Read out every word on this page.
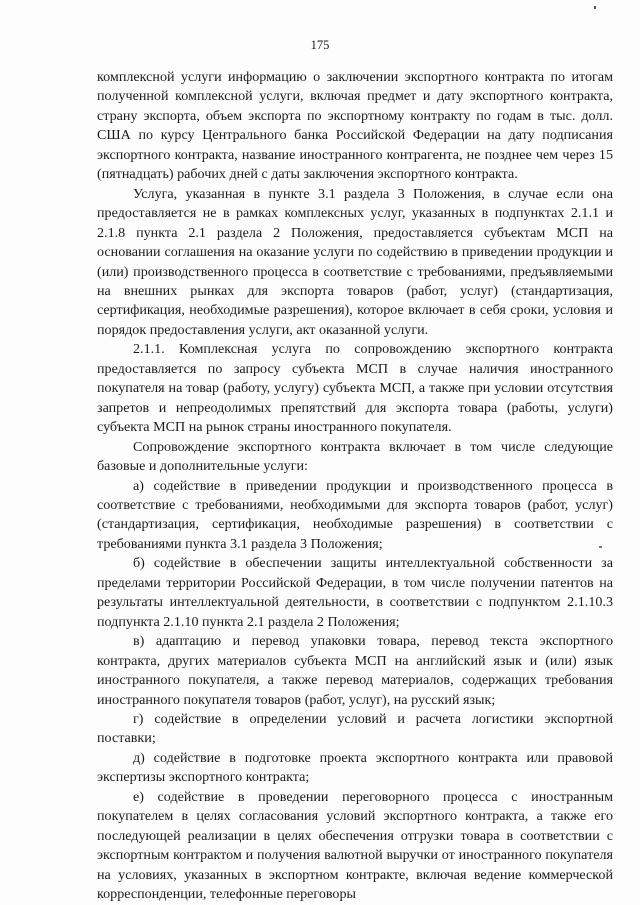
175

комплексной услуги информацию о заключении экспортного контракта по итогам полученной комплексной услуги, включая предмет и дату экспортного контракта, страну экспорта, объем экспорта по экспортному контракту по годам в тыс. долл. США по курсу Центрального банка Российской Федерации на дату подписания экспортного контракта, название иностранного контрагента, не позднее чем через 15 (пятнадцать) рабочих дней с даты заключения экспортного контракта.

Услуга, указанная в пункте 3.1 раздела 3 Положения, в случае если она предоставляется не в рамках комплексных услуг, указанных в подпунктах 2.1.1 и 2.1.8 пункта 2.1 раздела 2 Положения, предоставляется субъектам МСП на основании соглашения на оказание услуги по содействию в приведении продукции и (или) производственного процесса в соответствие с требованиями, предъявляемыми на внешних рынках для экспорта товаров (работ, услуг) (стандартизация, сертификация, необходимые разрешения), которое включает в себя сроки, условия и порядок предоставления услуги, акт оказанной услуги.

2.1.1. Комплексная услуга по сопровождению экспортного контракта предоставляется по запросу субъекта МСП в случае наличия иностранного покупателя на товар (работу, услугу) субъекта МСП, а также при условии отсутствия запретов и непреодолимых препятствий для экспорта товара (работы, услуги) субъекта МСП на рынок страны иностранного покупателя.

Сопровождение экспортного контракта включает в том числе следующие базовые и дополнительные услуги:

а) содействие в приведении продукции и производственного процесса в соответствие с требованиями, необходимыми для экспорта товаров (работ, услуг) (стандартизация, сертификация, необходимые разрешения) в соответствии с требованиями пункта 3.1 раздела 3 Положения;

б) содействие в обеспечении защиты интеллектуальной собственности за пределами территории Российской Федерации, в том числе получении патентов на результаты интеллектуальной деятельности, в соответствии с подпунктом 2.1.10.3 подпункта 2.1.10 пункта 2.1 раздела 2 Положения;

в) адаптацию и перевод упаковки товара, перевод текста экспортного контракта, других материалов субъекта МСП на английский язык и (или) язык иностранного покупателя, а также перевод материалов, содержащих требования иностранного покупателя товаров (работ, услуг), на русский язык;

г) содействие в определении условий и расчета логистики экспортной поставки;

д) содействие в подготовке проекта экспортного контракта или правовой экспертизы экспортного контракта;

е) содействие в проведении переговорного процесса с иностранным покупателем в целях согласования условий экспортного контракта, а также его последующей реализации в целях обеспечения отгрузки товара в соответствии с экспортным контрактом и получения валютной выручки от иностранного покупателя на условиях, указанных в экспортном контракте, включая ведение коммерческой корреспонденции, телефонные переговоры
